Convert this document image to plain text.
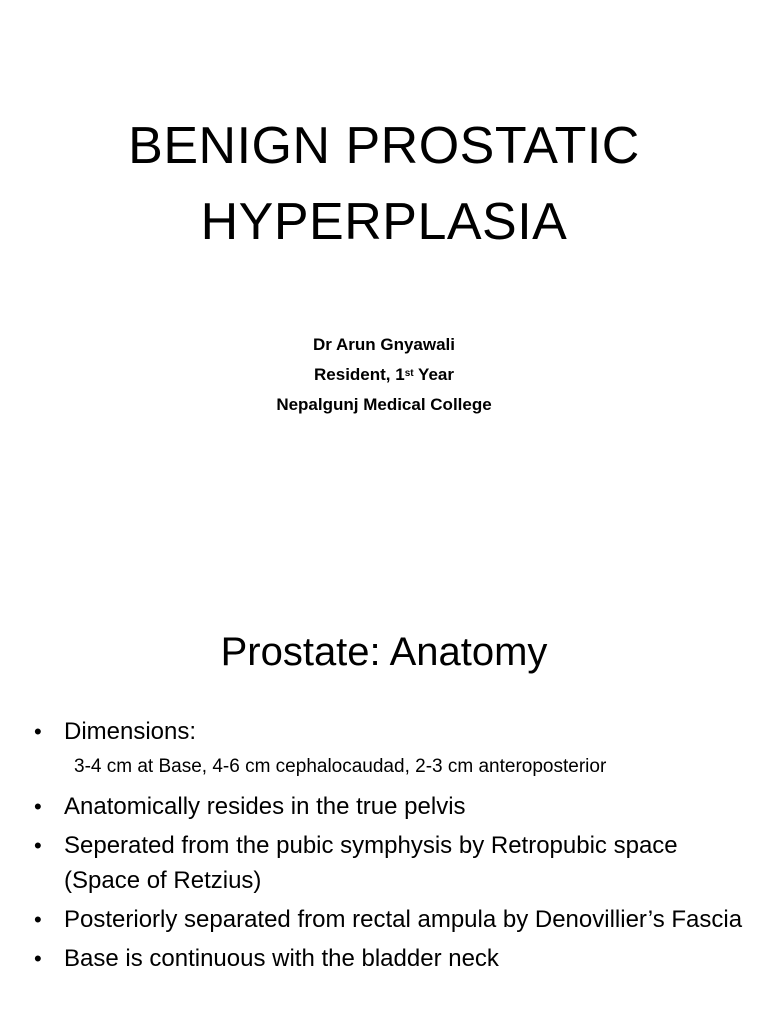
BENIGN PROSTATIC
HYPERPLASIA
Dr Arun Gnyawali
Resident, 1st Year
Nepalgunj Medical College
Prostate: Anatomy
• Dimensions:
3-4 cm at Base, 4-6 cm cephalocaudad, 2-3 cm anteroposterior
• Anatomically resides in the true pelvis
• Seperated from the pubic symphysis by Retropubic space (Space of Retzius)
• Posteriorly separated from rectal ampula by Denovillier’s Fascia
• Base is continuous with the bladder neck
